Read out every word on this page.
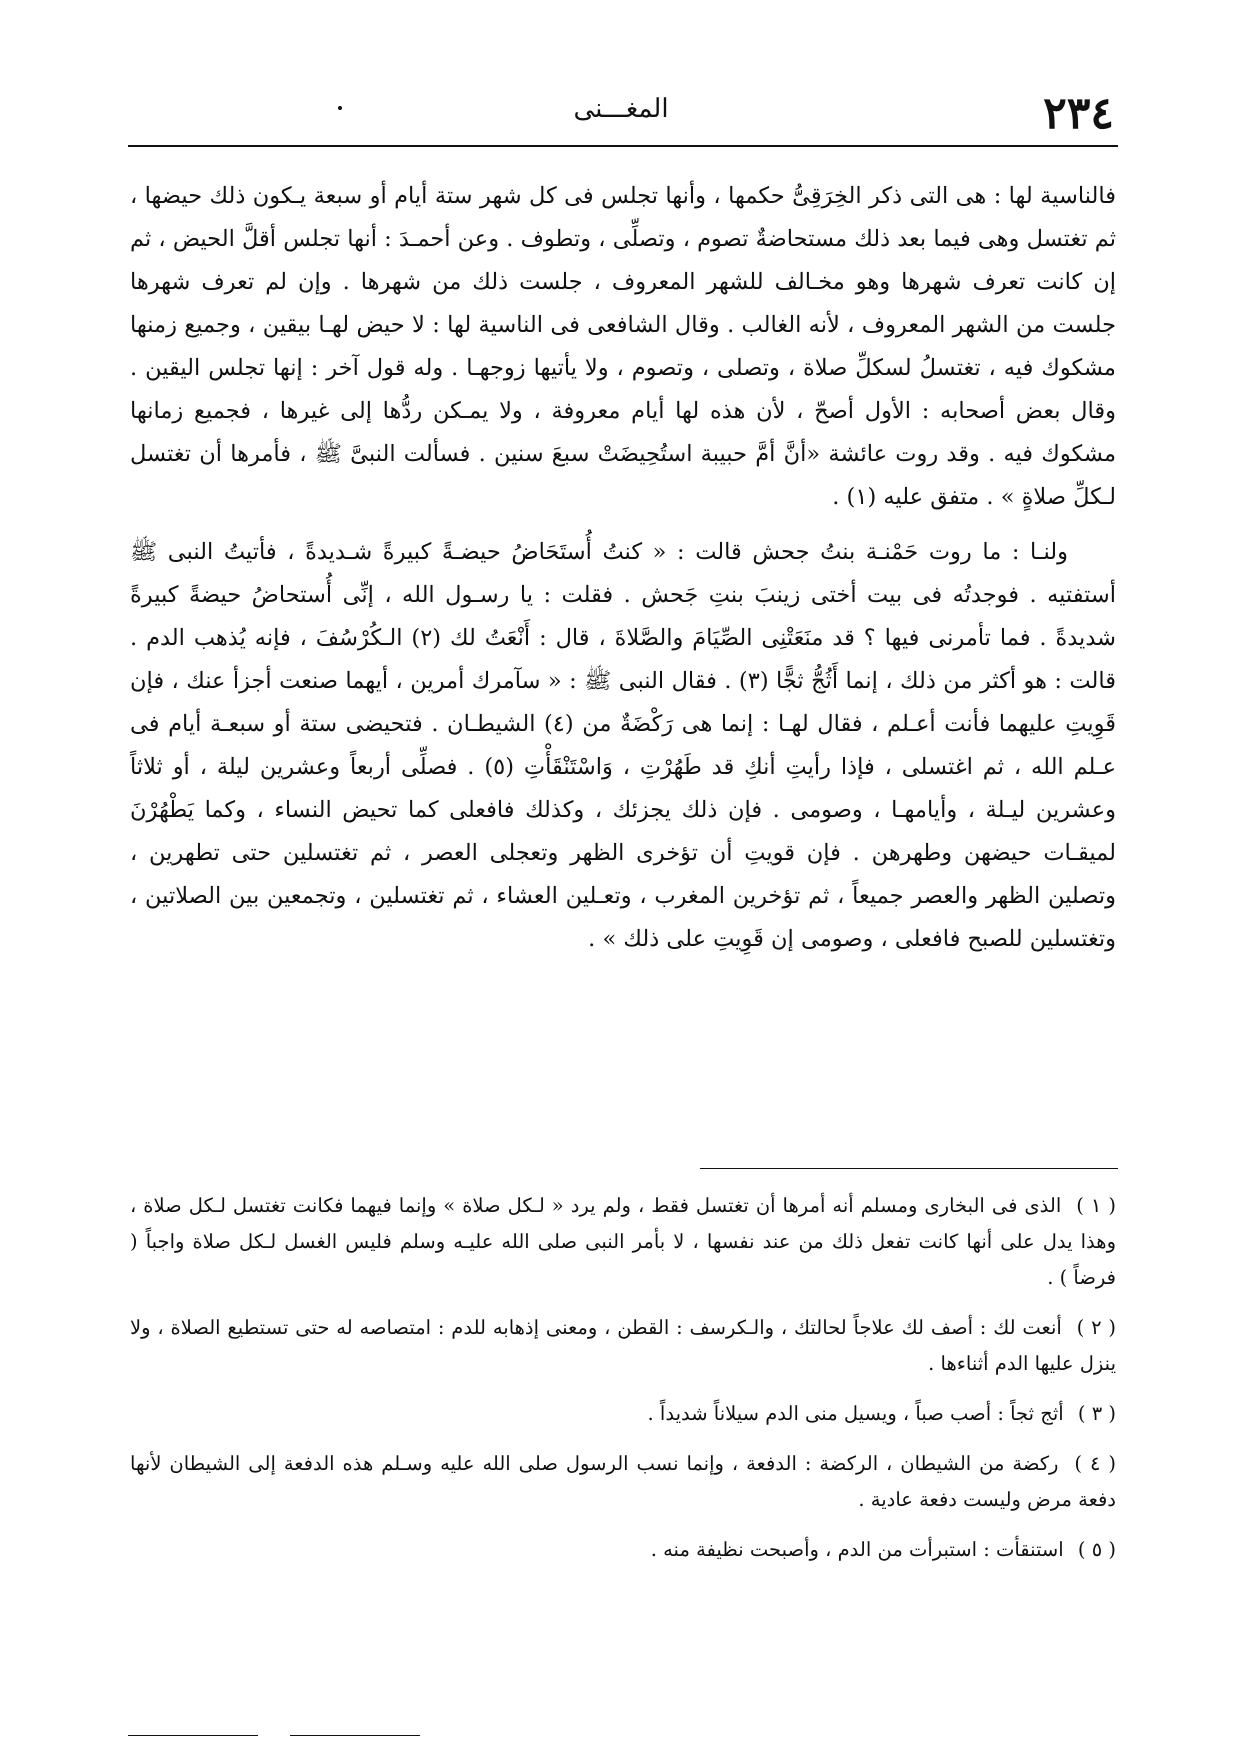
٢٣٤
المغـــنى

فالناسية لها : هى التى ذكر الخِرَقِىُّ حكمها ، وأنها تجلس فى كل شهر ستة أيام أو سبعة يـكون ذلك حيضها ، ثم تغتسل وهى فيما بعد ذلك مستحاضةٌ تصوم ، وتصلِّى ، وتطوف . وعن أحمـدَ : أنها تجلس أقلَّ الحيض ، ثم إن كانت تعرف شهرها وهو مخـالف للشهر المعروف ، جلست ذلك من شهرها . وإن لم تعرف شهرها جلست من الشهر المعروف ، لأنه الغالب . وقال الشافعى فى الناسية لها : لا حيض لهـا بيقين ، وجميع زمنها مشكوك فيه ، تغتسلُ لسكلِّ صلاة ، وتصلى ، وتصوم ، ولا يأتيها زوجهـا . وله قول آخر : إنها تجلس اليقين . وقال بعض أصحابه : الأول أصحّ ، لأن هذه لها أيام معروفة ، ولا يمـكن ردُّها إلى غيرها ، فجميع زمانها مشكوك فيه . وقد روت عائشة «أنَّ أمَّ حبيبة استُحِيضَتْ سبعَ سنين . فسألت النبىَّ ﷺ ، فأمرها أن تغتسل لـكلِّ صلاةٍ » . متفق عليه (١) .

ولنـا : ما روت حَمْنـة بنتُ جحش قالت : « كنتُ أُستَحَاضُ حيضـةً كبيرةً شـديدةً ، فأتيتُ النبى ﷺ أستفتيه . فوجدتُه فى بيت أختى زينبَ بنتِ جَحش . فقلت : يا رسـول الله ، إنِّى أُستحاضُ حيضةً كبيرةً شديدةً . فما تأمرنى فيها ؟ قد منَعَتْنِى الصِّيَامَ والصَّلاةَ ، قال : أَنْعَتُ لك (٢) الـكُرْسُفَ ، فإنه يُذهب الدم . قالت : هو أكثر من ذلك ، إنما أَثُجُّ ثجًّا (٣) . فقال النبى ﷺ : « سآمرك أمرين ، أيهما صنعت أجزأ عنك ، فإن قَوِيتِ عليهما فأنت أعـلم ، فقال لهـا : إنما هى رَكْضَةٌ من (٤) الشيطـان . فتحيضى ستة أو سبعـة أيام فى عـلم الله ، ثم اغتسلى ، فإذا رأيتِ أنكِ قد طَهُرْتِ ، وَاسْتَنْقَأْتِ (٥) . فصلِّى أربعاً وعشرين ليلة ، أو ثلاثاً وعشرين ليـلة ، وأيامهـا ، وصومى . فإن ذلك يجزئك ، وكذلك فافعلى كما تحيض النساء ، وكما يَطْهُرْنَ لميقـات حيضهن وطهرهن . فإن قويتِ أن تؤخرى الظهر وتعجلى العصر ، ثم تغتسلين حتى تطهرين ، وتصلين الظهر والعصر جميعاً ، ثم تؤخرين المغرب ، وتعـلين العشاء ، ثم تغتسلين ، وتجمعين بين الصلاتين ، وتغتسلين للصبح فافعلى ، وصومى إن قَوِيتِ على ذلك » .

( ١ ) الذى فى البخارى ومسلم أنه أمرها أن تغتسل فقط ، ولم يرد « لـكل صلاة » وإنما فيهما فكانت تغتسل لـكل صلاة ، وهذا يدل على أنها كانت تفعل ذلك من عند نفسها ، لا بأمر النبى صلى الله عليـه وسلم فليس الغسل لـكل صلاة واجباً ( فرضاً ) .

( ٢ ) أنعت لك : أصف لك علاجاً لحالتك ، والـكرسف : القطن ، ومعنى إذهابه للدم : امتصاصه له حتى تستطيع الصلاة ، ولا ينزل عليها الدم أثناءها .

( ٣ ) أثج ثجاً : أصب صباً ، ويسيل منى الدم سيلاناً شديداً .

( ٤ ) ركضة من الشيطان ، الركضة : الدفعة ، وإنما نسب الرسول صلى الله عليه وسـلم هذه الدفعة إلى الشيطان لأنها دفعة مرض وليست دفعة عادية .

( ٥ ) استنقأت : استبرأت من الدم ، وأصبحت نظيفة منه .
